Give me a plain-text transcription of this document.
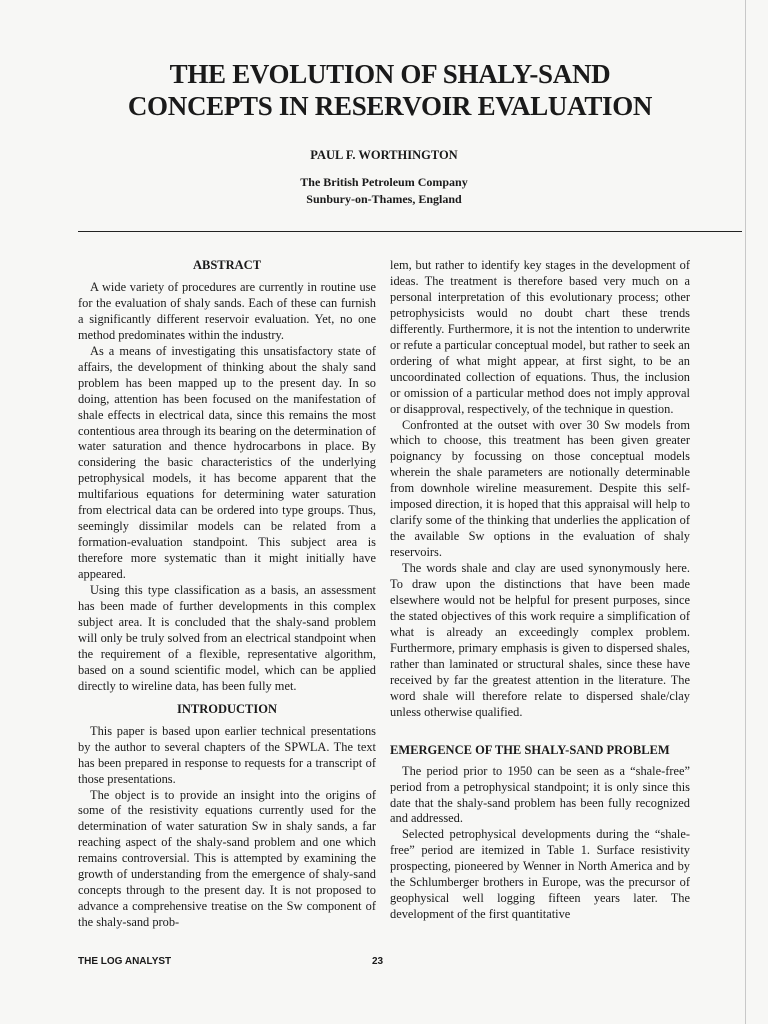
THE EVOLUTION OF SHALY-SAND
CONCEPTS IN RESERVOIR EVALUATION
PAUL F. WORTHINGTON
The British Petroleum Company
Sunbury-on-Thames, England
ABSTRACT

A wide variety of procedures are currently in routine use for the evaluation of shaly sands. Each of these can furnish a significantly different reservoir evaluation. Yet, no one method predominates within the industry.

As a means of investigating this unsatisfactory state of affairs, the development of thinking about the shaly sand problem has been mapped up to the present day. In so doing, attention has been focused on the manifestation of shale effects in electrical data, since this remains the most contentious area through its bearing on the determination of water saturation and thence hydrocarbons in place. By considering the basic characteristics of the underlying petrophysical models, it has become apparent that the multifarious equations for determining water saturation from electrical data can be ordered into type groups. Thus, seemingly dissimilar models can be related from a formation-evaluation standpoint. This subject area is therefore more systematic than it might initially have appeared.

Using this type classification as a basis, an assessment has been made of further developments in this complex subject area. It is concluded that the shaly-sand problem will only be truly solved from an electrical standpoint when the requirement of a flexible, representative algorithm, based on a sound scientific model, which can be applied directly to wireline data, has been fully met.

INTRODUCTION

This paper is based upon earlier technical presentations by the author to several chapters of the SPWLA. The text has been prepared in response to requests for a transcript of those presentations.

The object is to provide an insight into the origins of some of the resistivity equations currently used for the determination of water saturation Sw in shaly sands, a far reaching aspect of the shaly-sand problem and one which remains controversial. This is attempted by examining the growth of understanding from the emergence of shaly-sand concepts through to the present day. It is not proposed to advance a comprehensive treatise on the Sw component of the shaly-sand prob-

lem, but rather to identify key stages in the development of ideas. The treatment is therefore based very much on a personal interpretation of this evolutionary process; other petrophysicists would no doubt chart these trends differently. Furthermore, it is not the intention to underwrite or refute a particular conceptual model, but rather to seek an ordering of what might appear, at first sight, to be an uncoordinated collection of equations. Thus, the inclusion or omission of a particular method does not imply approval or disapproval, respectively, of the technique in question.

Confronted at the outset with over 30 Sw models from which to choose, this treatment has been given greater poignancy by focussing on those conceptual models wherein the shale parameters are notionally determinable from downhole wireline measurement. Despite this self-imposed direction, it is hoped that this appraisal will help to clarify some of the thinking that underlies the application of the available Sw options in the evaluation of shaly reservoirs.

The words shale and clay are used synonymously here. To draw upon the distinctions that have been made elsewhere would not be helpful for present purposes, since the stated objectives of this work require a simplification of what is already an exceedingly complex problem. Furthermore, primary emphasis is given to dispersed shales, rather than laminated or structural shales, since these have received by far the greatest attention in the literature. The word shale will therefore relate to dispersed shale/clay unless otherwise qualified.

EMERGENCE OF THE SHALY-SAND PROBLEM

The period prior to 1950 can be seen as a “shale-free” period from a petrophysical standpoint; it is only since this date that the shaly-sand problem has been fully recognized and addressed.

Selected petrophysical developments during the “shale-free” period are itemized in Table 1. Surface resistivity prospecting, pioneered by Wenner in North America and by the Schlumberger brothers in Europe, was the precursor of geophysical well logging fifteen years later. The development of the first quantitative

THE LOG ANALYST	23
